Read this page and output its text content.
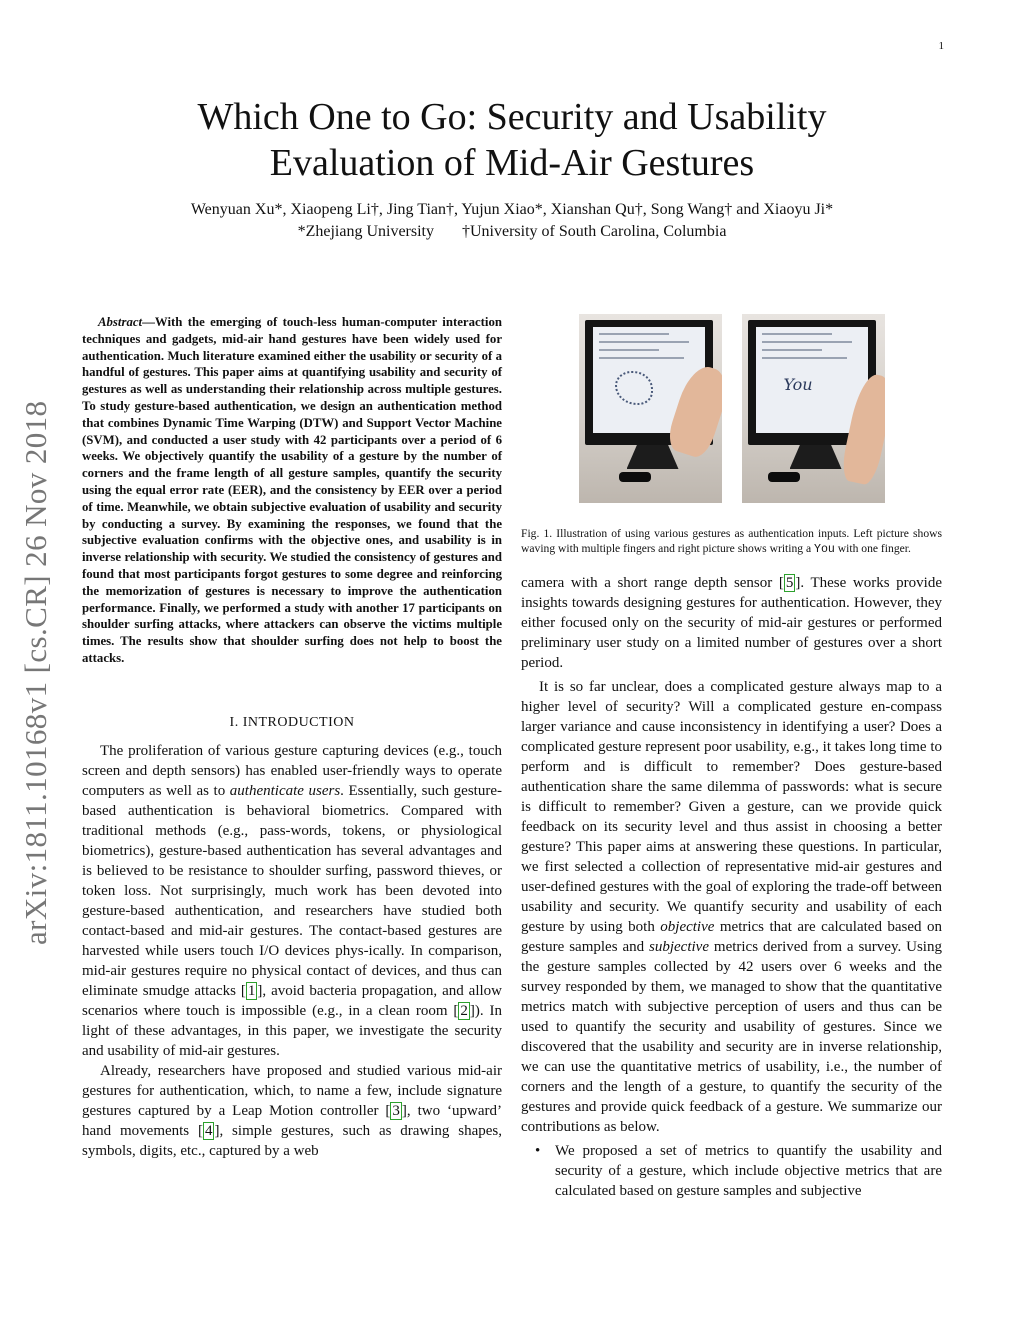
1
arXiv:1811.10168v1 [cs.CR] 26 Nov 2018
Which One to Go: Security and Usability
Evaluation of Mid-Air Gestures
Wenyuan Xu*, Xiaopeng Li†, Jing Tian†, Yujun Xiao*, Xianshan Qu†, Song Wang† and Xiaoyu Ji*
*Zhejiang University †University of South Carolina, Columbia

Abstract—With the emerging of touch-less human-computer interaction techniques and gadgets, mid-air hand gestures have been widely used for authentication. Much literature examined either the usability or security of a handful of gestures. This paper aims at quantifying usability and security of gestures as well as understanding their relationship across multiple gestures. To study gesture-based authentication, we design an authentication method that combines Dynamic Time Warping (DTW) and Support Vector Machine (SVM), and conducted a user study with 42 participants over a period of 6 weeks. We objectively quantify the usability of a gesture by the number of corners and the frame length of all gesture samples, quantify the security using the equal error rate (EER), and the consistency by EER over a period of time. Meanwhile, we obtain subjective evaluation of usability and security by conducting a survey. By examining the responses, we found that the subjective evaluation confirms with the objective ones, and usability is in inverse relationship with security. We studied the consistency of gestures and found that most participants forgot gestures to some degree and reinforcing the memorization of gestures is necessary to improve the authentication performance. Finally, we performed a study with another 17 participants on shoulder surfing attacks, where attackers can observe the victims multiple times. The results show that shoulder surfing does not help to boost the attacks.

I. INTRODUCTION

The proliferation of various gesture capturing devices (e.g., touch screen and depth sensors) has enabled user-friendly ways to operate computers as well as to authenticate users. Essentially, such gesture-based authentication is behavioral biometrics. Compared with traditional methods (e.g., pass-words, tokens, or physiological biometrics), gesture-based authentication has several advantages and is believed to be resistance to shoulder surfing, password thieves, or token loss. Not surprisingly, much work has been devoted into gesture-based authentication, and researchers have studied both contact-based and mid-air gestures. The contact-based gestures are harvested while users touch I/O devices phys-ically. In comparison, mid-air gestures require no physical contact of devices, and thus can eliminate smudge attacks [ 1 ], avoid bacteria propagation, and allow scenarios where touch is impossible (e.g., in a clean room [ 2 ]). In light of these advantages, in this paper, we investigate the security and usability of mid-air gestures.

Already, researchers have proposed and studied various mid-air gestures for authentication, which, to name a few, include signature gestures captured by a Leap Motion controller [ 3 ], two ‘upward’ hand movements [ 4 ], simple gestures, such as drawing shapes, symbols, digits, etc., captured by a web

You

Fig. 1. Illustration of using various gestures as authentication inputs. Left picture shows waving with multiple fingers and right picture shows writing a You with one finger.

camera with a short range depth sensor [ 5 ]. These works provide insights towards designing gestures for authentication. However, they either focused only on the security of mid-air gestures or performed preliminary user study on a limited number of gestures over a short period.

It is so far unclear, does a complicated gesture always map to a higher level of security? Will a complicated gesture en-compass larger variance and cause inconsistency in identifying a user? Does a complicated gesture represent poor usability, e.g., it takes long time to perform and is difficult to remember? Does gesture-based authentication share the same dilemma of passwords: what is secure is difficult to remember? Given a gesture, can we provide quick feedback on its security level and thus assist in choosing a better gesture? This paper aims at answering these questions. In particular, we first selected a collection of representative mid-air gestures and user-defined gestures with the goal of exploring the trade-off between usability and security. We quantify security and usability of each gesture by using both objective metrics that are calculated based on gesture samples and subjective metrics derived from a survey. Using the gesture samples collected by 42 users over 6 weeks and the survey responded by them, we managed to show that the quantitative metrics match with subjective perception of users and thus can be used to quantify the security and usability of gestures. Since we discovered that the usability and security are in inverse relationship, we can use the quantitative metrics of usability, i.e., the number of corners and the length of a gesture, to quantify the security of the gestures and provide quick feedback of a gesture. We summarize our contributions as below.

• We proposed a set of metrics to quantify the usability and security of a gesture, which include objective metrics that are calculated based on gesture samples and subjective
